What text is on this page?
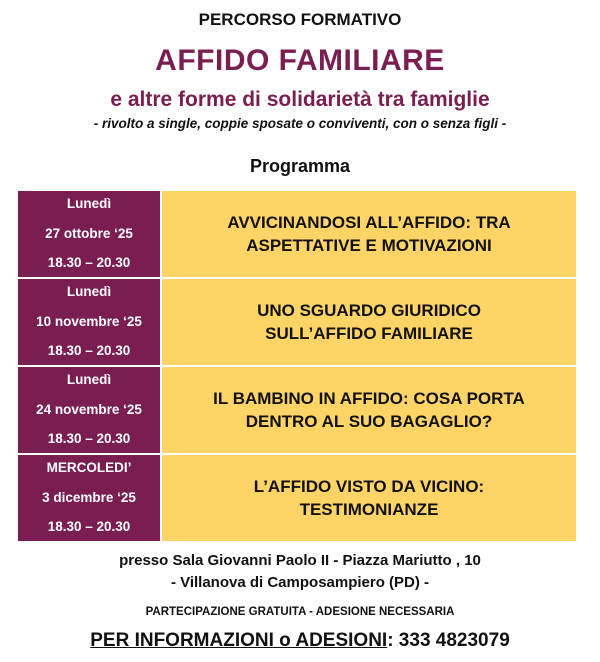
PERCORSO FORMATIVO
AFFIDO FAMILIARE
e altre forme di solidarietà tra famiglie
- rivolto a single, coppie sposate o conviventi, con o senza figli -
Programma
Lunedì
27 ottobre ‘25
18.30 – 20.30
AVVICINANDOSI ALL’AFFIDO: TRA
ASPETTATIVE E MOTIVAZIONI
Lunedì
10 novembre ‘25
18.30 – 20.30
UNO SGUARDO GIURIDICO
SULL’AFFIDO FAMILIARE
Lunedì
24 novembre ‘25
18.30 – 20.30
IL BAMBINO IN AFFIDO: COSA PORTA
DENTRO AL SUO BAGAGLIO?
MERCOLEDI’
3 dicembre ‘25
18.30 – 20.30
L’AFFIDO VISTO DA VICINO:
TESTIMONIANZE
presso Sala Giovanni Paolo II - Piazza Mariutto , 10
- Villanova di Camposampiero (PD) -
PARTECIPAZIONE GRATUITA - ADESIONE NECESSARIA
PER INFORMAZIONI o ADESIONI: 333 4823079
